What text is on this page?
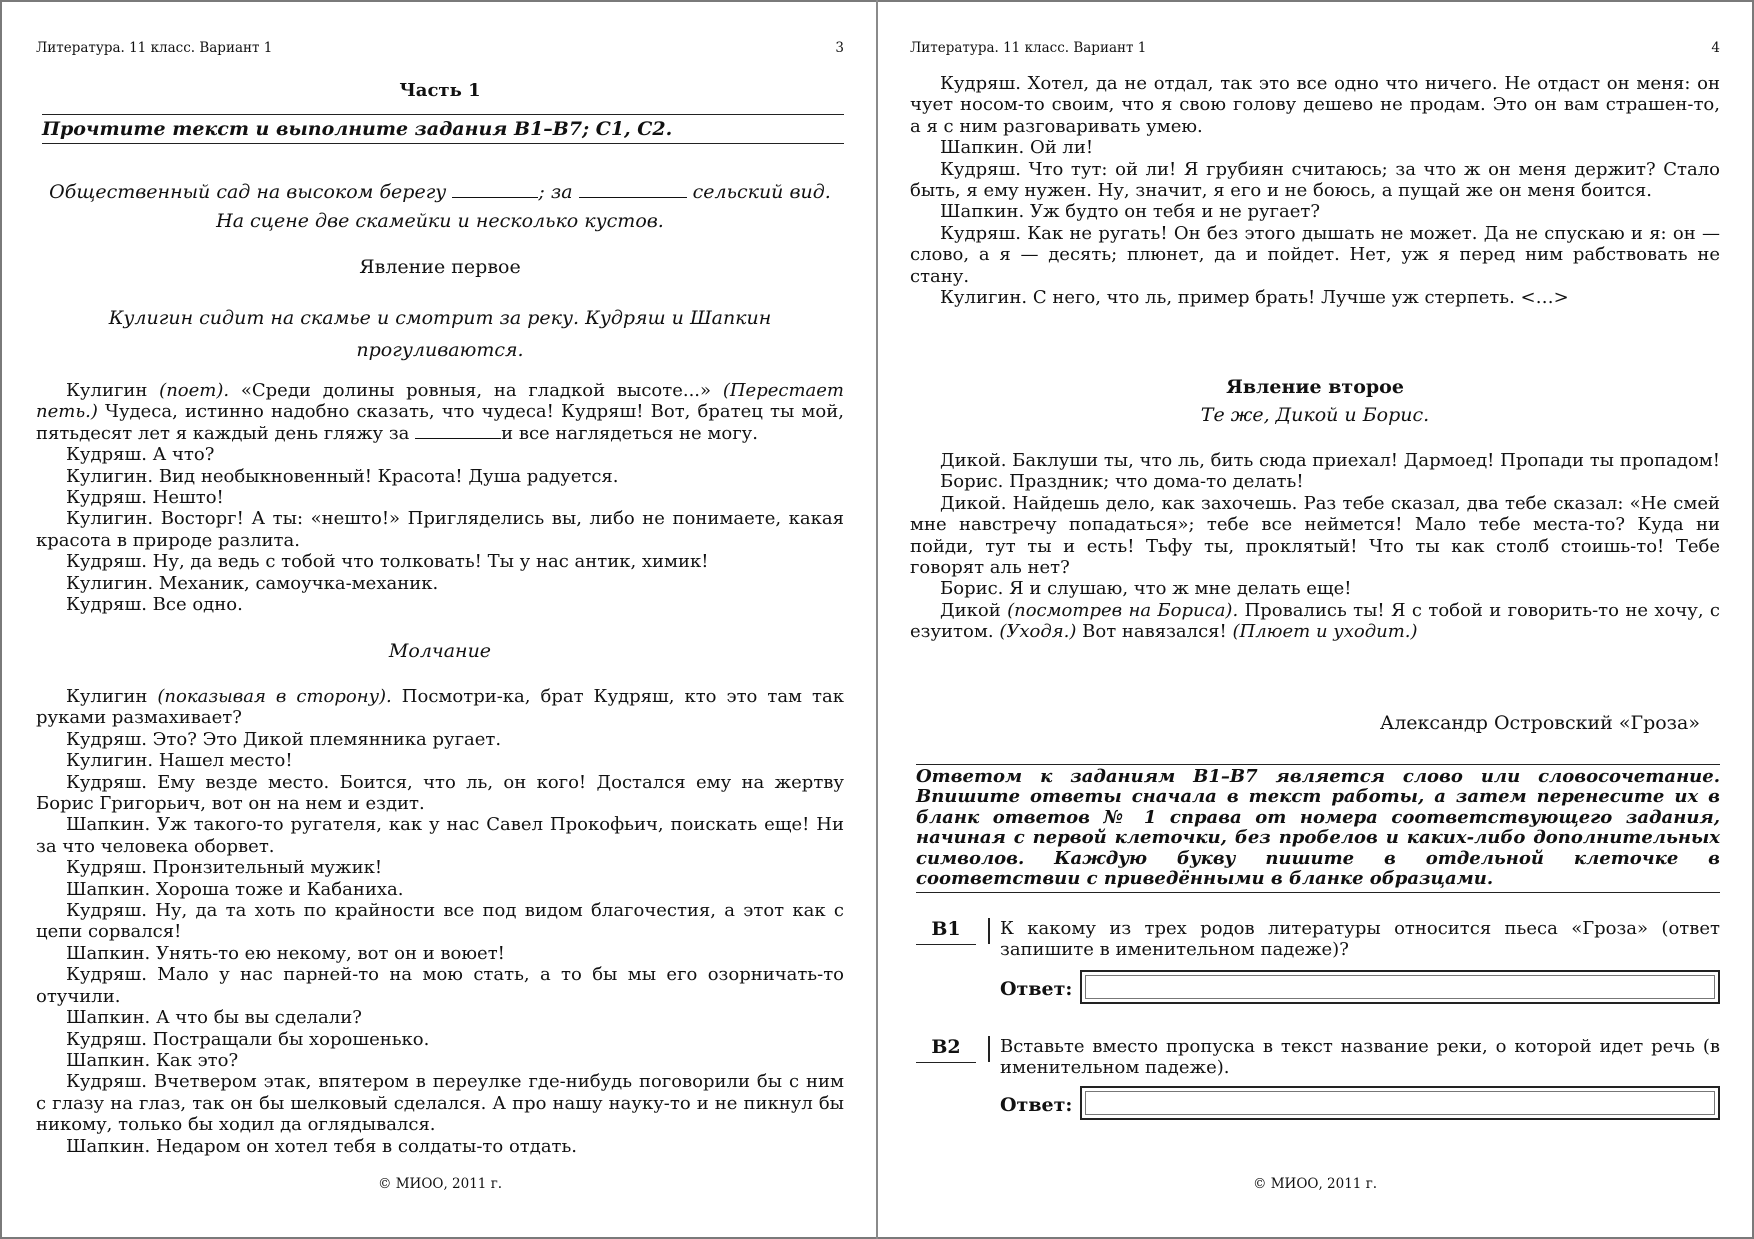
Литература. 11 класс. Вариант 1	3
Часть 1
Прочтите текст и выполните задания В1–В7; С1, С2.
Общественный сад на высоком берегу	; за	сельский вид.
На сцене две скамейки и несколько кустов.
Явление первое
Кулигин сидит на скамье и смотрит за реку. Кудряш и Шапкин прогуливаются.

Кулигин (поет). «Среди долины ровныя, на гладкой высоте...» (Перестает петь.) Чудеса, истинно надобно сказать, что чудеса! Кудряш! Вот, братец ты мой, пятьдесят лет я каждый день гляжу за	и все наглядеться не могу.

Кудряш. А что?

Кулигин. Вид необыкновенный! Красота! Душа радуется.

Кудряш. Нешто!

Кулигин. Восторг! А ты: «нешто!» Пригляделись вы, либо не понимаете, какая красота в природе разлита.

Кудряш. Ну, да ведь с тобой что толковать! Ты у нас антик, химик!

Кулигин. Механик, самоучка-механик.

Кудряш. Все одно.

Молчание

Кулигин (показывая в сторону). Посмотри-ка, брат Кудряш, кто это там так руками размахивает?

Кудряш. Это? Это Дикой племянника ругает.

Кулигин. Нашел место!

Кудряш. Ему везде место. Боится, что ль, он кого! Достался ему на жертву Борис Григорьич, вот он на нем и ездит.

Шапкин. Уж такого-то ругателя, как у нас Савел Прокофьич, поискать еще! Ни за что человека оборвет.

Кудряш. Пронзительный мужик!

Шапкин. Хороша тоже и Кабаниха.

Кудряш. Ну, да та хоть по крайности все под видом благочестия, а этот как с цепи сорвался!

Шапкин. Унять-то ею некому, вот он и воюет!

Кудряш. Мало у нас парней-то на мою стать, а то бы мы его озорничать-то отучили.

Шапкин. А что бы вы сделали?

Кудряш. Постращали бы хорошенько.

Шапкин. Как это?

Кудряш. Вчетвером этак, впятером в переулке где-нибудь поговорили бы с ним с глазу на глаз, так он бы шелковый сделался. А про нашу науку-то и не пикнул бы никому, только бы ходил да оглядывался.

Шапкин. Недаром он хотел тебя в солдаты-то отдать.

© МИОО, 2011 г.
Литература. 11 класс. Вариант 1	4

Кудряш. Хотел, да не отдал, так это все одно что ничего. Не отдаст он меня: он чует носом-то своим, что я свою голову дешево не продам. Это он вам страшен-то, а я с ним разговаривать умею.

Шапкин. Ой ли!

Кудряш. Что тут: ой ли! Я грубиян считаюсь; за что ж он меня держит? Стало быть, я ему нужен. Ну, значит, я его и не боюсь, а пущай же он меня боится.

Шапкин. Уж будто он тебя и не ругает?

Кудряш. Как не ругать! Он без этого дышать не может. Да не спускаю и я: он — слово, а я — десять; плюнет, да и пойдет. Нет, уж я перед ним рабствовать не стану.

Кулигин. С него, что ль, пример брать! Лучше уж стерпеть. <…>

Явление второе
Те же, Дикой и Борис.

Дикой. Баклуши ты, что ль, бить сюда приехал! Дармоед! Пропади ты пропадом!

Борис. Праздник; что дома-то делать!

Дикой. Найдешь дело, как захочешь. Раз тебе сказал, два тебе сказал: «Не смей мне навстречу попадаться»; тебе все неймется! Мало тебе места-то? Куда ни пойди, тут ты и есть! Тьфу ты, проклятый! Что ты как столб стоишь-то! Тебе говорят аль нет?

Борис. Я и слушаю, что ж мне делать еще!

Дикой (посмотрев на Бориса). Провались ты! Я с тобой и говорить-то не хочу, с езуитом. (Уходя.) Вот навязался! (Плюет и уходит.)

Александр Островский «Гроза»
Ответом к заданиям В1–В7 является слово или словосочетание. Впишите ответы сначала в текст работы, а затем перенесите их в бланк ответов № 1 справа от номера соответствующего задания, начиная с первой клеточки, без пробелов и каких-либо дополнительных символов. Каждую букву пишите в отдельной клеточке в соответствии с приведёнными в бланке образцами.
В1	К какому из трех родов литературы относится пьеса «Гроза» (ответ запишите в именительном падеже)?
Ответ:
В2	Вставьте вместо пропуска в текст название реки, о которой идет речь (в именительном падеже).
Ответ:
© МИОО, 2011 г.
